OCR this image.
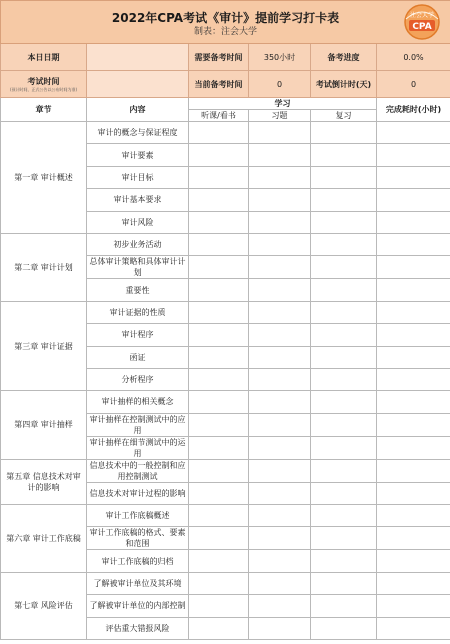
2022年CPA考试《审计》提前学习打卡表
制表：注会大学
注会大学
CPA					

本日日期		需要备考时间	350小时	备考进度	0.0%
考试时间
(预计时间，正式公告以公布时间为准)		当前备考时间	0	考试倒计时(天)	0
章节	内容	学习			完成耗时(小时)
		听课/看书	习题	复习	
第一章 审计概述	审计的概念与保证程度				
	审计要素				
	审计目标				
	审计基本要求				
	审计风险				
第二章 审计计划	初步业务活动				
	总体审计策略和具体审计计划				
	重要性				
第三章 审计证据	审计证据的性质				
	审计程序				
	函证				
	分析程序				
第四章 审计抽样	审计抽样的相关概念				
	审计抽样在控制测试中的应用				
	审计抽样在细节测试中的运用				
第五章 信息技术对审计的影响	信息技术中的一般控制和应用控制测试				
	信息技术对审计过程的影响				
第六章 审计工作底稿	审计工作底稿概述				
	审计工作底稿的格式、要素和范围				
	审计工作底稿的归档				
第七章 风险评估	了解被审计单位及其环境				
	了解被审计单位的内部控制				
	评估重大错报风险				
